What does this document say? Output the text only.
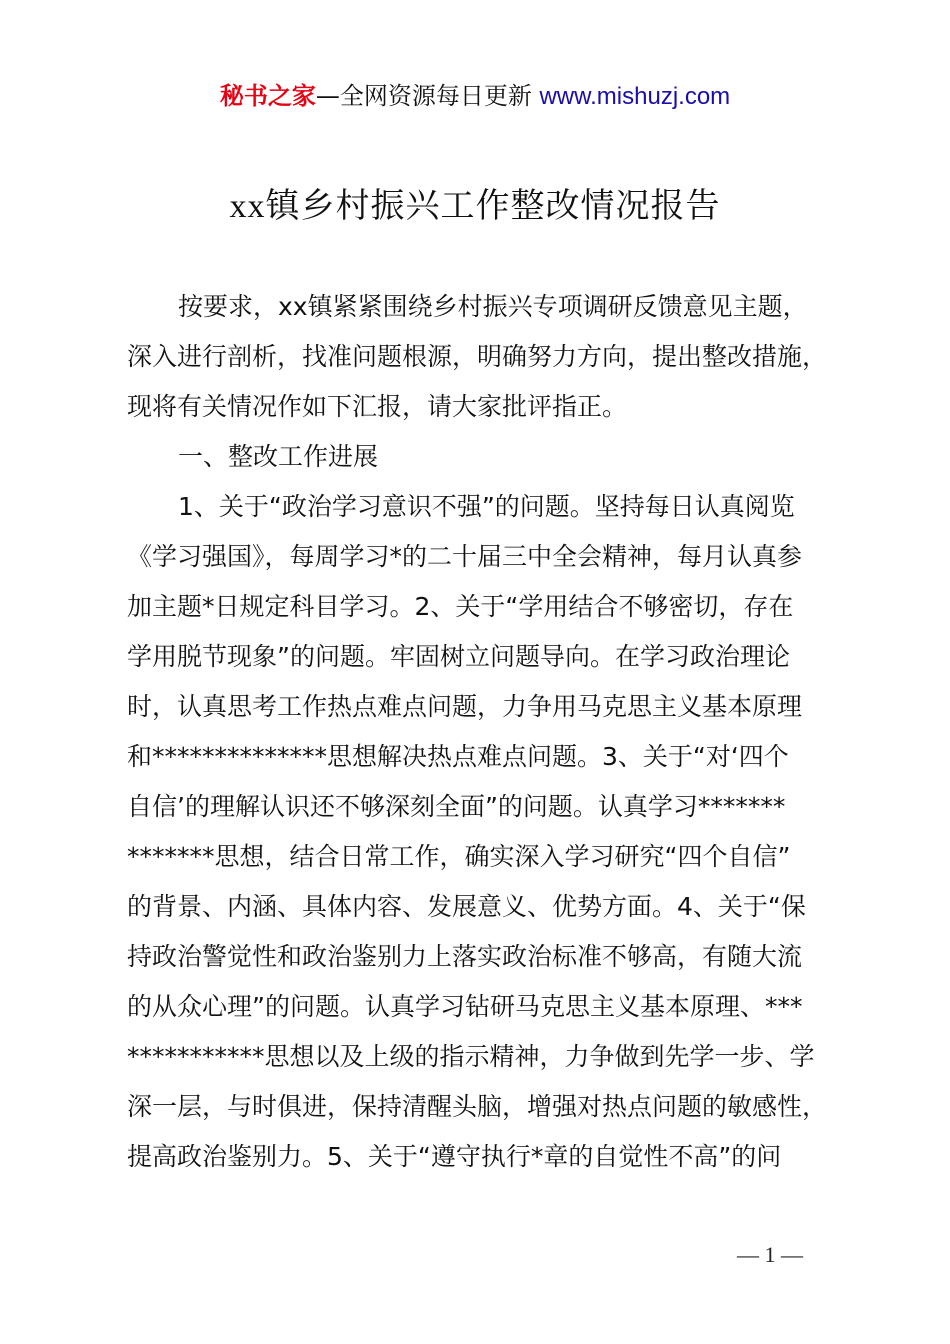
秘书之家—全网资源每日更新 www.mishuzj.com
xx镇乡村振兴工作整改情况报告
按要求，xx镇紧紧围绕乡村振兴专项调研反馈意见主题，
深入进行剖析，找准问题根源，明确努力方向，提出整改措施，
现将有关情况作如下汇报，请大家批评指正。
一、整改工作进展
1、关于“政治学习意识不强”的问题。坚持每日认真阅览
《学习强国》，每周学习*的二十届三中全会精神，每月认真参
加主题*日规定科目学习。2、关于“学用结合不够密切，存在
学用脱节现象”的问题。牢固树立问题导向。在学习政治理论
时，认真思考工作热点难点问题，力争用马克思主义基本原理
和**************思想解决热点难点问题。3、关于“对‘四个
自信’的理解认识还不够深刻全面”的问题。认真学习*******
*******思想，结合日常工作，确实深入学习研究“四个自信”
的背景、内涵、具体内容、发展意义、优势方面。4、关于“保
持政治警觉性和政治鉴别力上落实政治标准不够高，有随大流
的从众心理”的问题。认真学习钻研马克思主义基本原理、***
***********思想以及上级的指示精神，力争做到先学一步、学
深一层，与时俱进，保持清醒头脑，增强对热点问题的敏感性，
提高政治鉴别力。5、关于“遵守执行*章的自觉性不高”的问
— 1 —
